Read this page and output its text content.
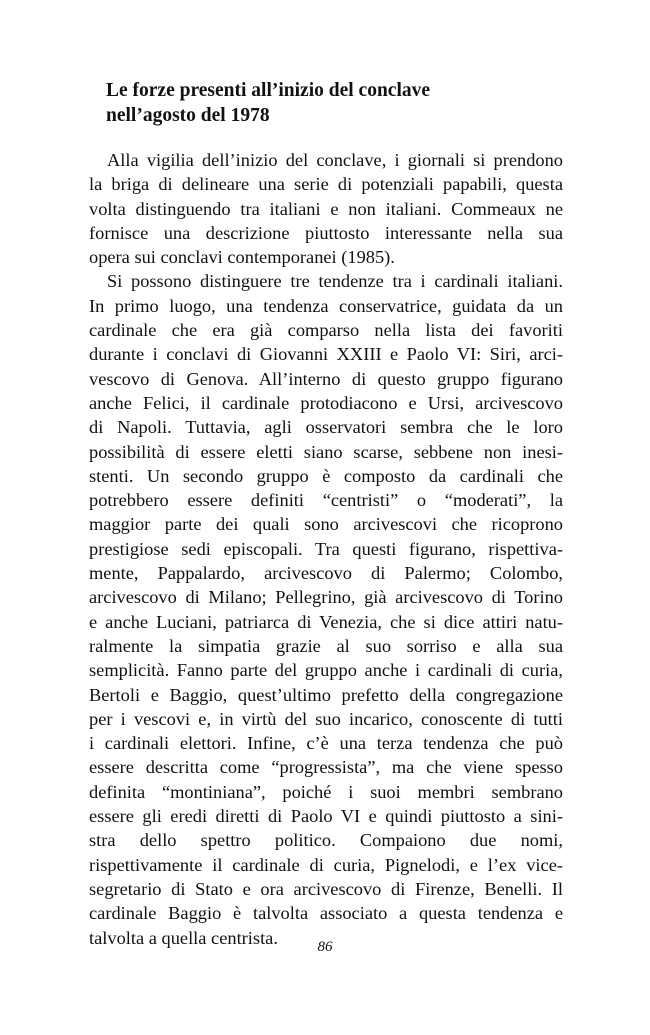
Le forze presenti all’inizio del conclave
nell’agosto del 1978
Alla vigilia dell’inizio del conclave, i giornali si prendono
la briga di delineare una serie di potenziali papabili, questa
volta distinguendo tra italiani e non italiani. Commeaux ne
fornisce una descrizione piuttosto interessante nella sua
opera sui conclavi contemporanei (1985).
Si possono distinguere tre tendenze tra i cardinali italiani.
In primo luogo, una tendenza conservatrice, guidata da un
cardinale che era già comparso nella lista dei favoriti
durante i conclavi di Giovanni XXIII e Paolo VI: Siri, arci-
vescovo di Genova. All’interno di questo gruppo figurano
anche Felici, il cardinale protodiacono e Ursi, arcivescovo
di Napoli. Tuttavia, agli osservatori sembra che le loro
possibilità di essere eletti siano scarse, sebbene non inesi-
stenti. Un secondo gruppo è composto da cardinali che
potrebbero essere definiti “centristi” o “moderati”, la
maggior parte dei quali sono arcivescovi che ricoprono
prestigiose sedi episcopali. Tra questi figurano, rispettiva-
mente, Pappalardo, arcivescovo di Palermo; Colombo,
arcivescovo di Milano; Pellegrino, già arcivescovo di Torino
e anche Luciani, patriarca di Venezia, che si dice attiri natu-
ralmente la simpatia grazie al suo sorriso e alla sua
semplicità. Fanno parte del gruppo anche i cardinali di curia,
Bertoli e Baggio, quest’ultimo prefetto della congregazione
per i vescovi e, in virtù del suo incarico, conoscente di tutti
i cardinali elettori. Infine, c’è una terza tendenza che può
essere descritta come “progressista”, ma che viene spesso
definita “montiniana”, poiché i suoi membri sembrano
essere gli eredi diretti di Paolo VI e quindi piuttosto a sini-
stra dello spettro politico. Compaiono due nomi,
rispettivamente il cardinale di curia, Pignelodi, e l’ex vice-
segretario di Stato e ora arcivescovo di Firenze, Benelli. Il
cardinale Baggio è talvolta associato a questa tendenza e
talvolta a quella centrista.	86
